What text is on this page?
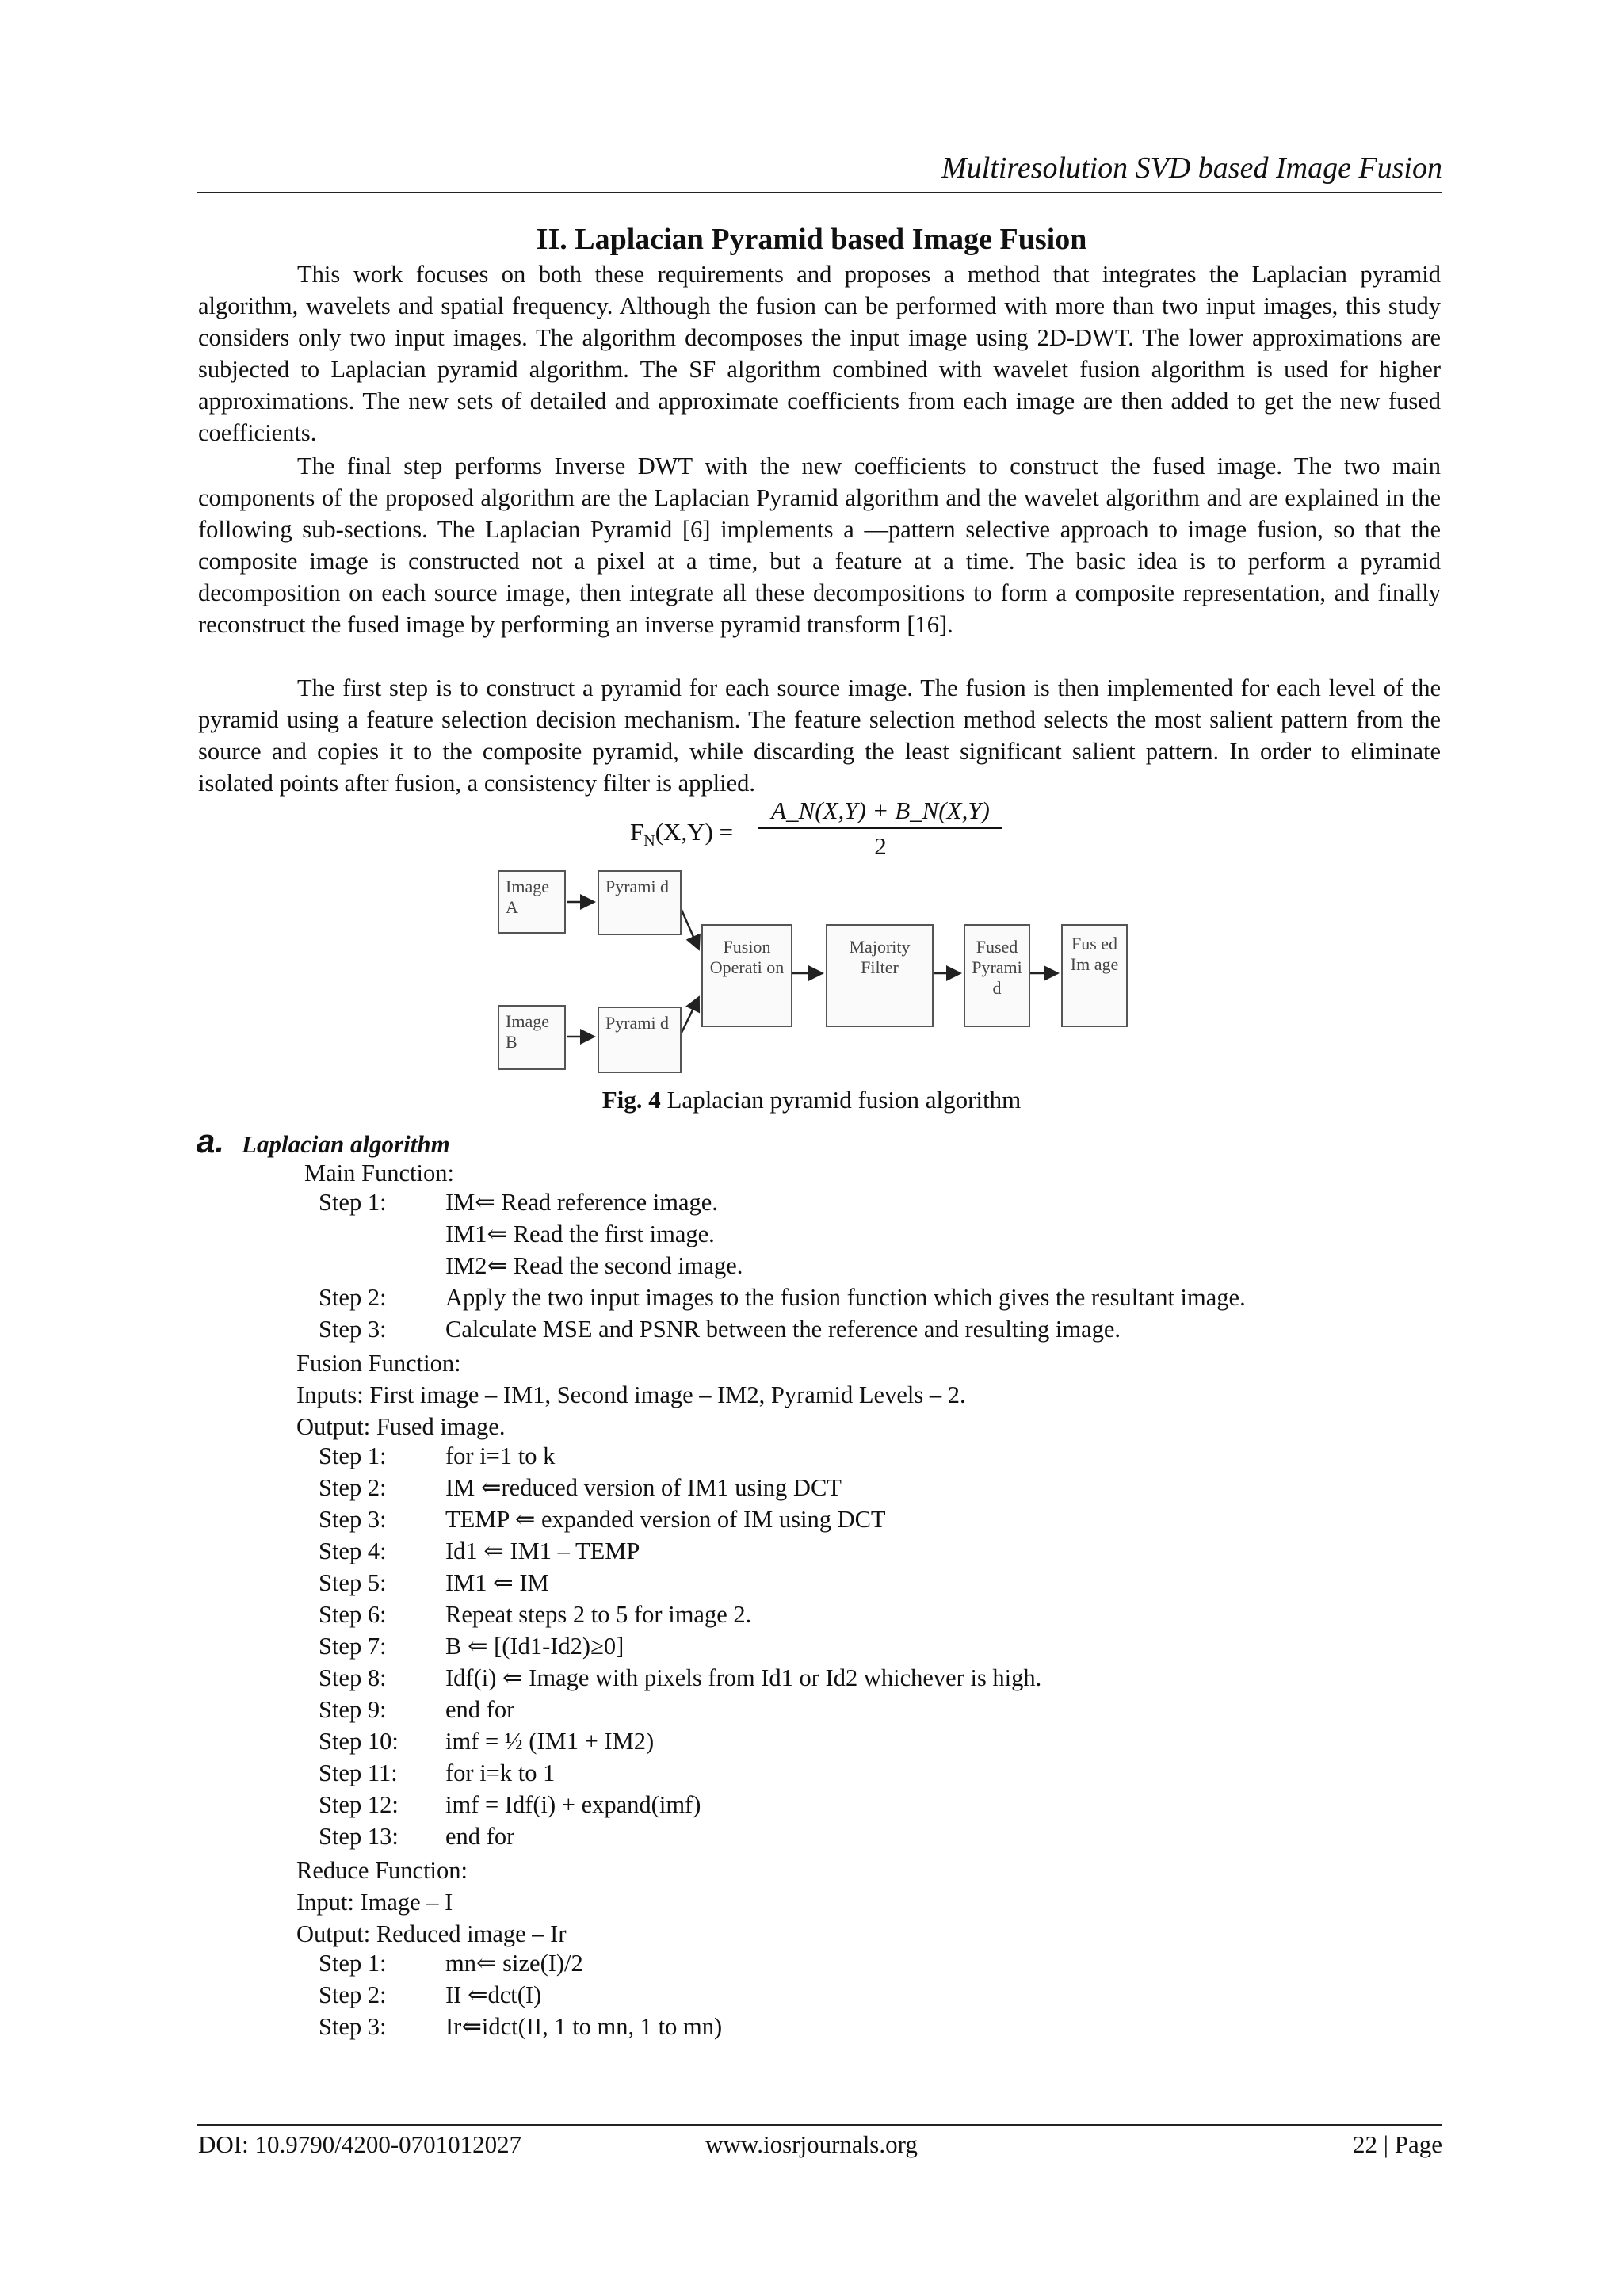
Multiresolution SVD based Image Fusion
II. Laplacian Pyramid based Image Fusion

This work focuses on both these requirements and proposes a method that integrates the Laplacian pyramid algorithm, wavelets and spatial frequency. Although the fusion can be performed with more than two input images, this study considers only two input images. The algorithm decomposes the input image using 2D-DWT. The lower approximations are subjected to Laplacian pyramid algorithm. The SF algorithm combined with wavelet fusion algorithm is used for higher approximations. The new sets of detailed and approximate coefficients from each image are then added to get the new fused coefficients.

The final step performs Inverse DWT with the new coefficients to construct the fused image. The two main components of the proposed algorithm are the Laplacian Pyramid algorithm and the wavelet algorithm and are explained in the following sub-sections. The Laplacian Pyramid [6] implements a ―pattern selective approach to image fusion, so that the composite image is constructed not a pixel at a time, but a feature at a time. The basic idea is to perform a pyramid decomposition on each source image, then integrate all these decompositions to form a composite representation, and finally reconstruct the fused image by performing an inverse pyramid transform [16].

The first step is to construct a pyramid for each source image. The fusion is then implemented for each level of the pyramid using a feature selection decision mechanism. The feature selection method selects the most salient pattern from the source and copies it to the composite pyramid, while discarding the least significant salient pattern. In order to eliminate isolated points after fusion, a consistency filter is applied.

$F_N(X,Y)$ =
A_N(X,Y) + B_N(X,Y)
2
Image A
Pyrami d
Image B
Pyrami d
Fusion Operati on
Majority Filter
Fused Pyrami d
Fus ed Im age
Fig. 4 Laplacian pyramid fusion algorithm
a. Laplacian algorithm
Main Function:
Step 1: IM⇐ Read reference image.
IM1⇐ Read the first image.
IM2⇐ Read the second image.
Step 2: Apply the two input images to the fusion function which gives the resultant image.
Step 3: Calculate MSE and PSNR between the reference and resulting image.
Fusion Function:
Inputs: First image – IM1, Second image – IM2, Pyramid Levels – 2.
Output: Fused image.
Step 1: for i=1 to k
Step 2: IM ⇐reduced version of IM1 using DCT
Step 3: TEMP ⇐ expanded version of IM using DCT
Step 4: Id1 ⇐ IM1 – TEMP
Step 5: IM1 ⇐ IM
Step 6: Repeat steps 2 to 5 for image 2.
Step 7: B ⇐ [(Id1-Id2)≥0]
Step 8: Idf(i) ⇐ Image with pixels from Id1 or Id2 whichever is high.
Step 9: end for
Step 10: imf = ½ (IM1 + IM2)
Step 11: for i=k to 1
Step 12: imf = Idf(i) + expand(imf)
Step 13: end for
Reduce Function:
Input: Image – I
Output: Reduced image – Ir
Step 1: mn⇐ size(I)/2
Step 2: II ⇐dct(I)
Step 3: Ir⇐idct(II, 1 to mn, 1 to mn)
DOI: 10.9790/4200-0701012027	www.iosrjournals.org	22 | Page
